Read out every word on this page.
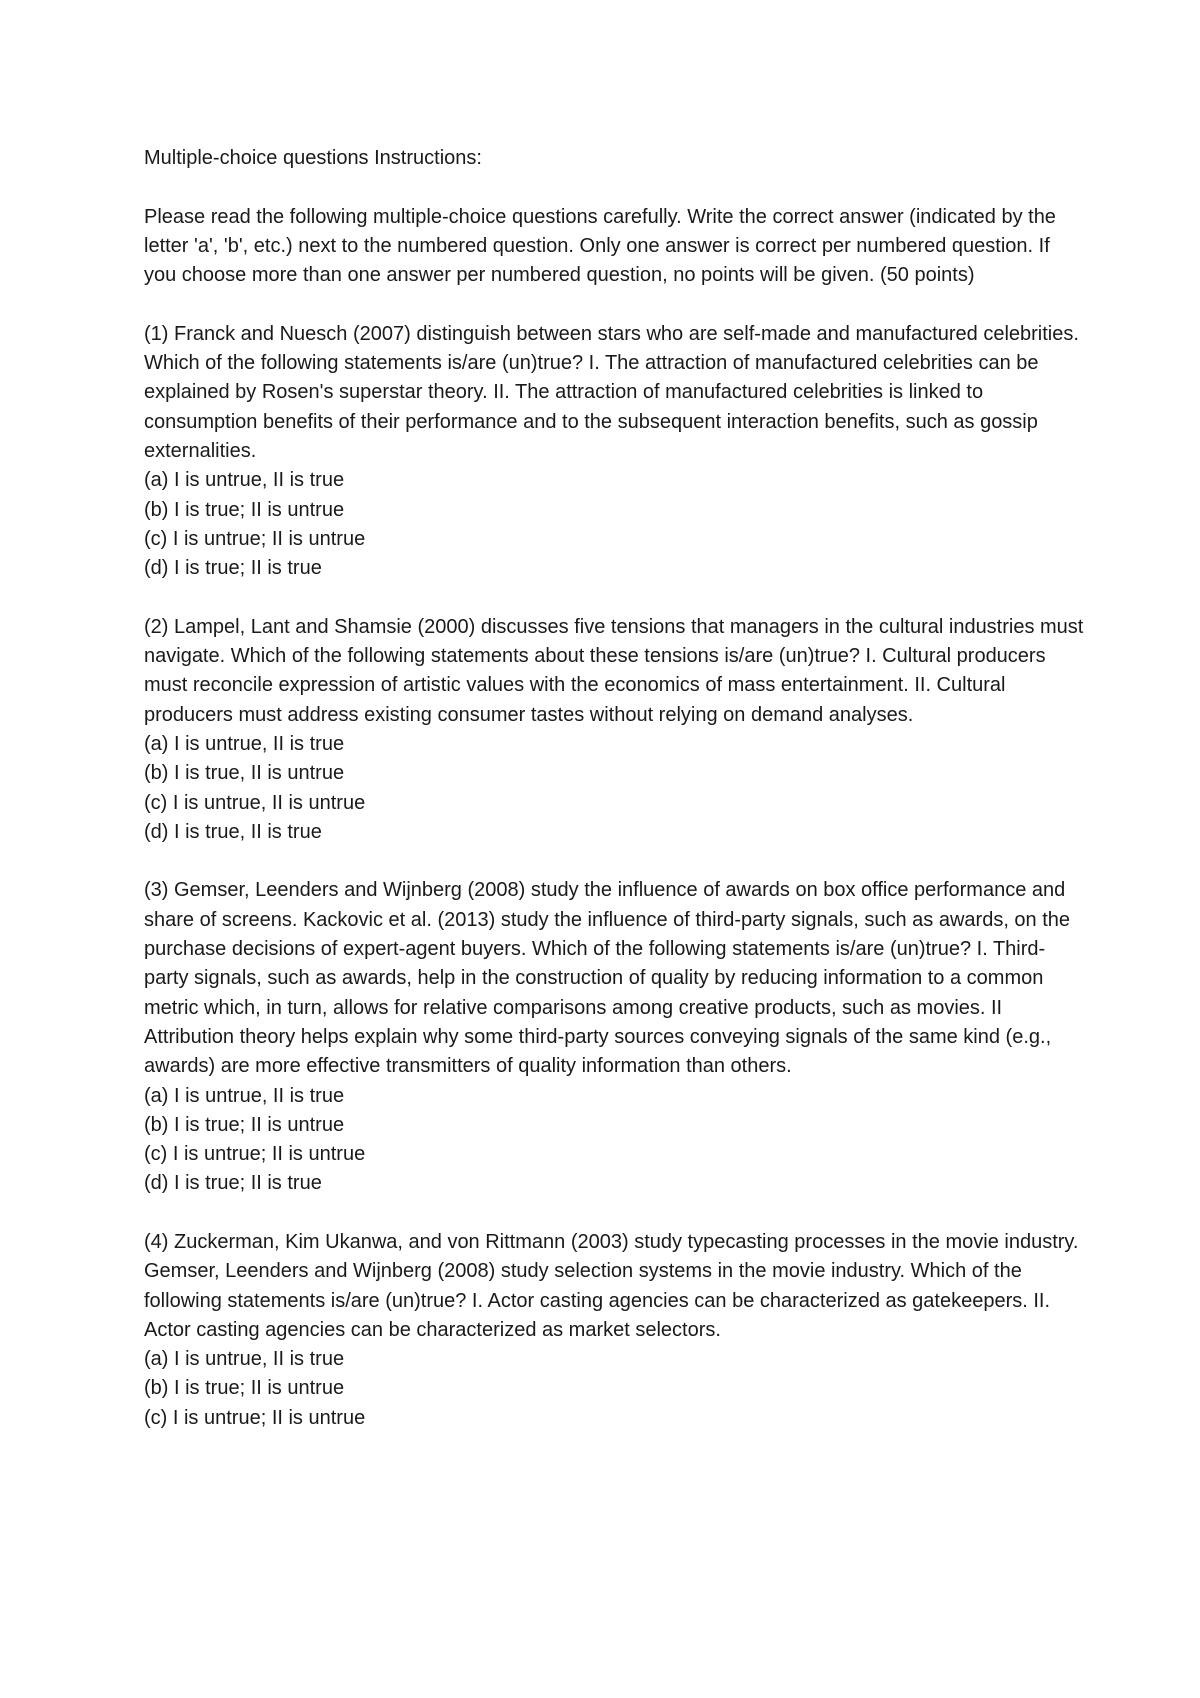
Multiple-choice questions Instructions:

Please read the following multiple-choice questions carefully. Write the correct answer (indicated by the letter 'a', 'b', etc.) next to the numbered question. Only one answer is correct per numbered question. If you choose more than one answer per numbered question, no points will be given. (50 points)

(1) Franck and Nuesch (2007) distinguish between stars who are self-made and manufactured celebrities. Which of the following statements is/are (un)true? I. The attraction of manufactured celebrities can be explained by Rosen's superstar theory. II. The attraction of manufactured celebrities is linked to consumption benefits of their performance and to the subsequent interaction benefits, such as gossip externalities.

(a) I is untrue, II is true

(b) I is true; II is untrue

(c) I is untrue; II is untrue

(d) I is true; II is true

(2) Lampel, Lant and Shamsie (2000) discusses five tensions that managers in the cultural industries must navigate. Which of the following statements about these tensions is/are (un)true? I. Cultural producers must reconcile expression of artistic values with the economics of mass entertainment. II. Cultural producers must address existing consumer tastes without relying on demand analyses.

(a) I is untrue, II is true

(b) I is true, II is untrue

(c) I is untrue, II is untrue

(d) I is true, II is true

(3) Gemser, Leenders and Wijnberg (2008) study the influence of awards on box office performance and share of screens. Kackovic et al. (2013) study the influence of third-party signals, such as awards, on the purchase decisions of expert-agent buyers. Which of the following statements is/are (un)true? I. Third-party signals, such as awards, help in the construction of quality by reducing information to a common metric which, in turn, allows for relative comparisons among creative products, such as movies. II Attribution theory helps explain why some third-party sources conveying signals of the same kind (e.g., awards) are more effective transmitters of quality information than others.

(a) I is untrue, II is true

(b) I is true; II is untrue

(c) I is untrue; II is untrue

(d) I is true; II is true

(4) Zuckerman, Kim Ukanwa, and von Rittmann (2003) study typecasting processes in the movie industry. Gemser, Leenders and Wijnberg (2008) study selection systems in the movie industry. Which of the following statements is/are (un)true? I. Actor casting agencies can be characterized as gatekeepers. II. Actor casting agencies can be characterized as market selectors.

(a) I is untrue, II is true

(b) I is true; II is untrue

(c) I is untrue; II is untrue
